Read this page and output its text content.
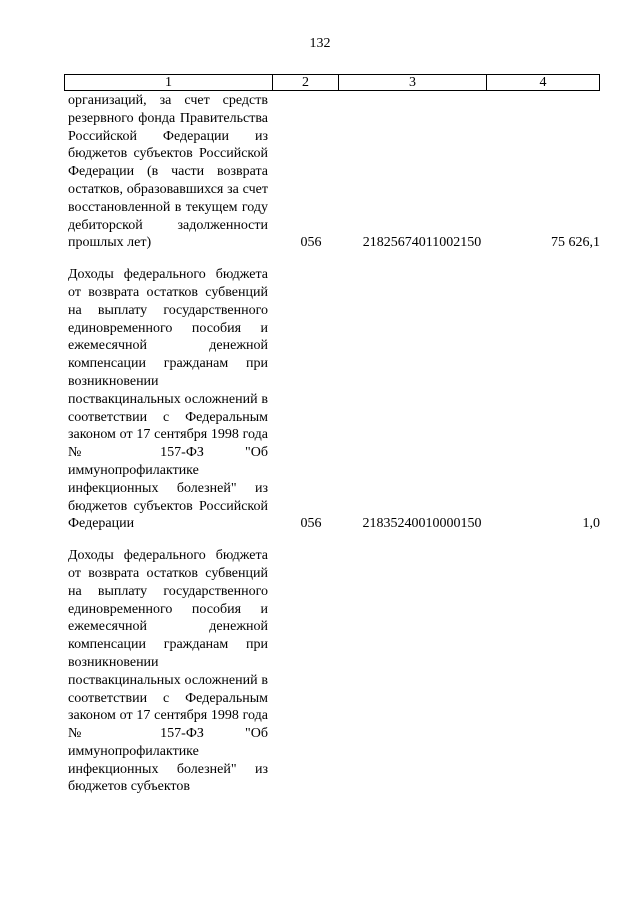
132
1	2	3	4
организаций, за счет средств резервного фонда Правительства Российской Федерации из бюджетов субъектов Российской Федерации (в части возврата остатков, образовавшихся за счет восстановленной в текущем году дебиторской задолженности прошлых лет)	056	21825674011002150	75 626,1
Доходы федерального бюджета от возврата остатков субвенций на выплату государственного единовременного пособия и ежемесячной денежной компенсации гражданам при возникновении поствакцинальных осложнений в соответствии с Федеральным законом от 17 сентября 1998 года № 157-ФЗ "Об иммунопрофилактике инфекционных болезней" из бюджетов субъектов Российской Федерации	056	21835240010000150	1,0
Доходы федерального бюджета от возврата остатков субвенций на выплату государственного единовременного пособия и ежемесячной денежной компенсации гражданам при возникновении поствакцинальных осложнений в соответствии с Федеральным законом от 17 сентября 1998 года № 157-ФЗ "Об иммунопрофилактике инфекционных болезней" из бюджетов субъектов
